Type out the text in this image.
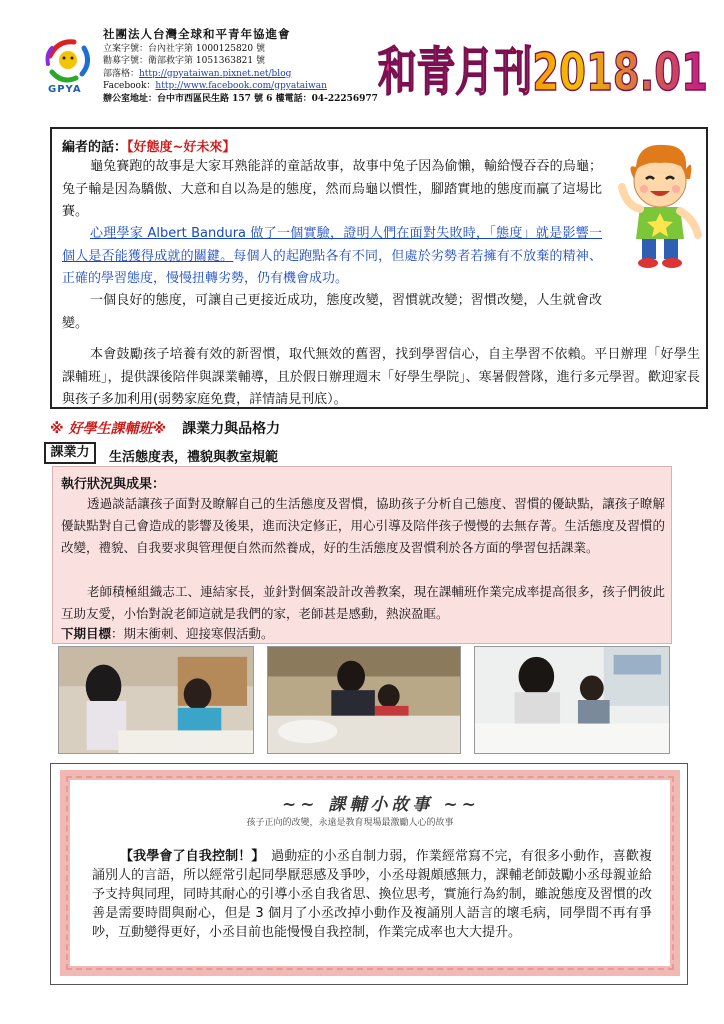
GPYA
社團法人台灣全球和平青年協進會
立案字號：台內社字第 1000125820 號
勸募字號：衛部救字第 1051363821 號
部落格：http://gpyataiwan.pixnet.net/blog
Facebook：http://www.facebook.com/gpyataiwan
辦公室地址：台中市西區民生路 157 號 6 樓電話：04-22256977 和青月刊2018.01
編者的話：【好態度~好未來】
龜兔賽跑的故事是大家耳熟能詳的童話故事，故事中兔子因為偷懶，輸給慢吞吞的烏龜；兔子輸是因為驕傲、大意和自以為是的態度，然而烏龜以慣性，腳踏實地的態度而贏了這場比賽。
心理學家 Albert Bandura 做了一個實驗，證明人們在面對失敗時，「態度」就是影響一個人是否能獲得成就的關鍵。每個人的起跑點各有不同，但處於劣勢者若擁有不放棄的精神、正確的學習態度，慢慢扭轉劣勢，仍有機會成功。
一個良好的態度，可讓自己更接近成功，態度改變，習慣就改變；習慣改變，人生就會改變。
本會鼓勵孩子培養有效的新習慣，取代無效的舊習，找到學習信心，自主學習不依賴。平日辦理「好學生課輔班」，提供課後陪伴與課業輔導，且於假日辦理週末「好學生學院」、寒暑假營隊，進行多元學習。歡迎家長與孩子多加利用(弱勢家庭免費，詳情請見刊底）。
※ 好學生課輔班※ 課業力與品格力
課業力	生活態度表，禮貌與教室規範
執行狀況與成果：
透過談話讓孩子面對及瞭解自己的生活態度及習慣，協助孩子分析自己態度、習慣的優缺點，讓孩子瞭解優缺點對自己會造成的影響及後果，進而決定修正，用心引導及陪伴孩子慢慢的去無存菁。生活態度及習慣的改變，禮貌、自我要求與管理便自然而然養成，好的生活態度及習慣利於各方面的學習包括課業。
老師積極組織志工、連結家長，並針對個案設計改善教案，現在課輔班作業完成率提高很多，孩子們彼此互助友愛，小怡對說老師這就是我們的家，老師甚是感動，熱淚盈眶。
下期目標：期末衝刺、迎接寒假活動。
~~ 課輔小故事 ~~
孩子正向的改變，永遠是教育現場最激勵人心的故事
【我學會了自我控制！】　 過動症的小丞自制力弱，作業經常寫不完，有很多小動作，喜歡複誦別人的言語，所以經常引起同學厭惡感及爭吵，小丞母親頗感無力，課輔老師鼓勵小丞母親並給予支持與同理，同時其耐心的引導小丞自我省思、換位思考，實施行為約制，雖說態度及習慣的改善是需要時間與耐心，但是 3 個月了小丞改掉小動作及複誦別人語言的壞毛病，同學間不再有爭吵，互動變得更好，小丞目前也能慢慢自我控制，作業完成率也大大提升。
